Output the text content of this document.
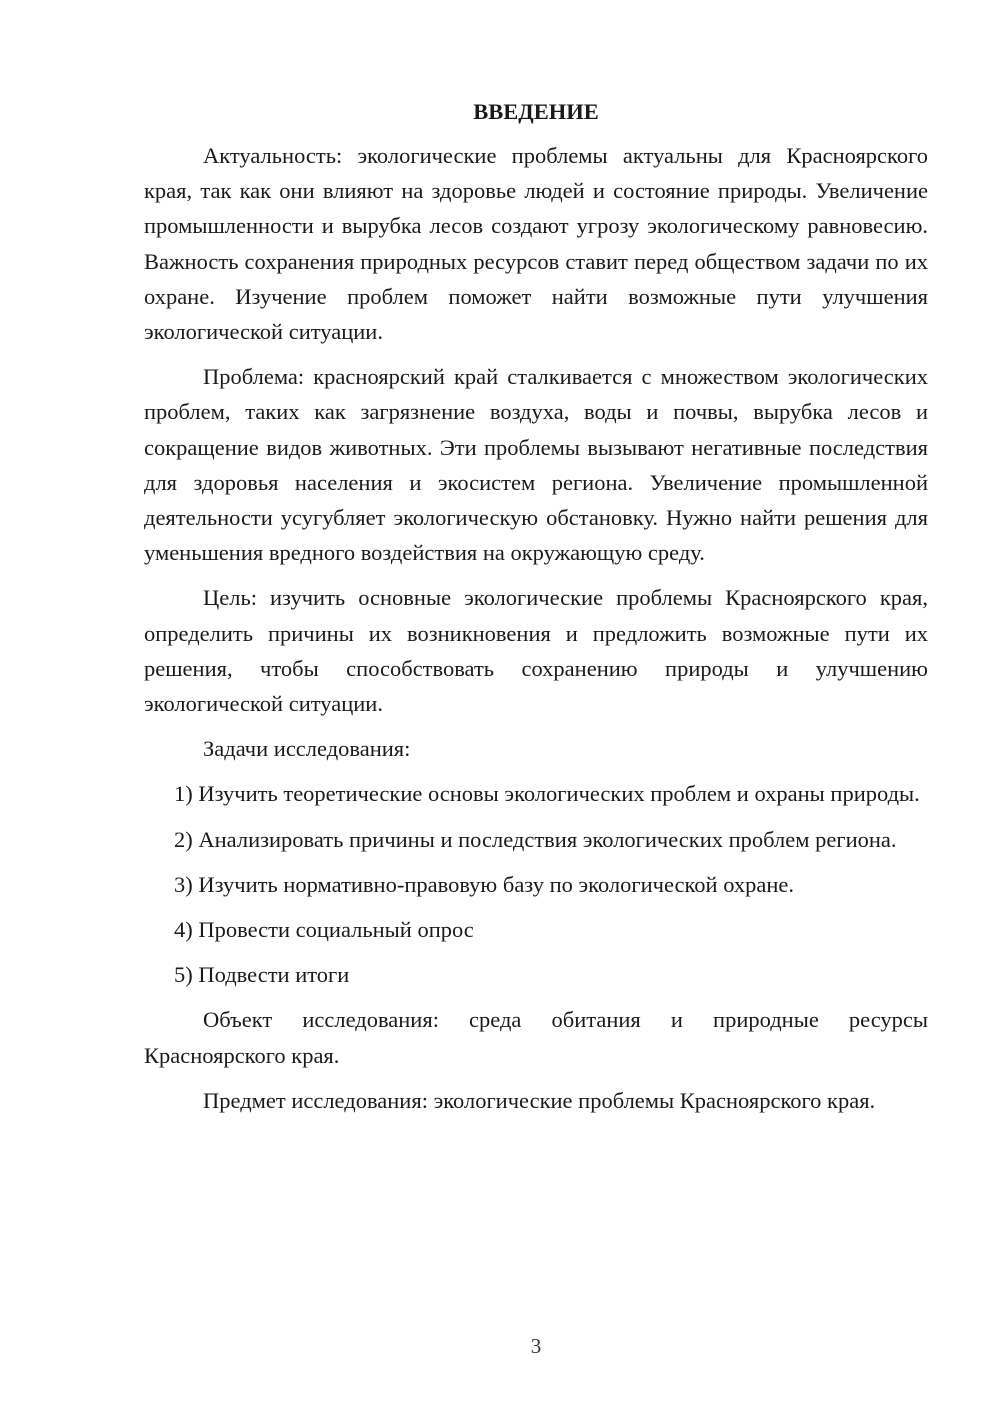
ВВЕДЕНИЕ

Актуальность: экологические проблемы актуальны для Красноярского края, так как они влияют на здоровье людей и состояние природы. Увеличение промышленности и вырубка лесов создают угрозу экологическому равновесию. Важность сохранения природных ресурсов ставит перед обществом задачи по их охране. Изучение проблем поможет найти возможные пути улучшения экологической ситуации.

Проблема: красноярский край сталкивается с множеством экологических проблем, таких как загрязнение воздуха, воды и почвы, вырубка лесов и сокращение видов животных. Эти проблемы вызывают негативные последствия для здоровья населения и экосистем региона. Увеличение промышленной деятельности усугубляет экологическую обстановку. Нужно найти решения для уменьшения вредного воздействия на окружающую среду.

Цель: изучить основные экологические проблемы Красноярского края, определить причины их возникновения и предложить возможные пути их решения, чтобы способствовать сохранению природы и улучшению экологической ситуации.

Задачи исследования:

1) Изучить теоретические основы экологических проблем и охраны природы.

2) Анализировать причины и последствия экологических проблем региона.

3) Изучить нормативно-правовую базу по экологической охране.

4) Провести социальный опрос

5) Подвести итоги

Объект исследования: среда обитания и природные ресурсы Красноярского края.

Предмет исследования: экологические проблемы Красноярского края.

3
